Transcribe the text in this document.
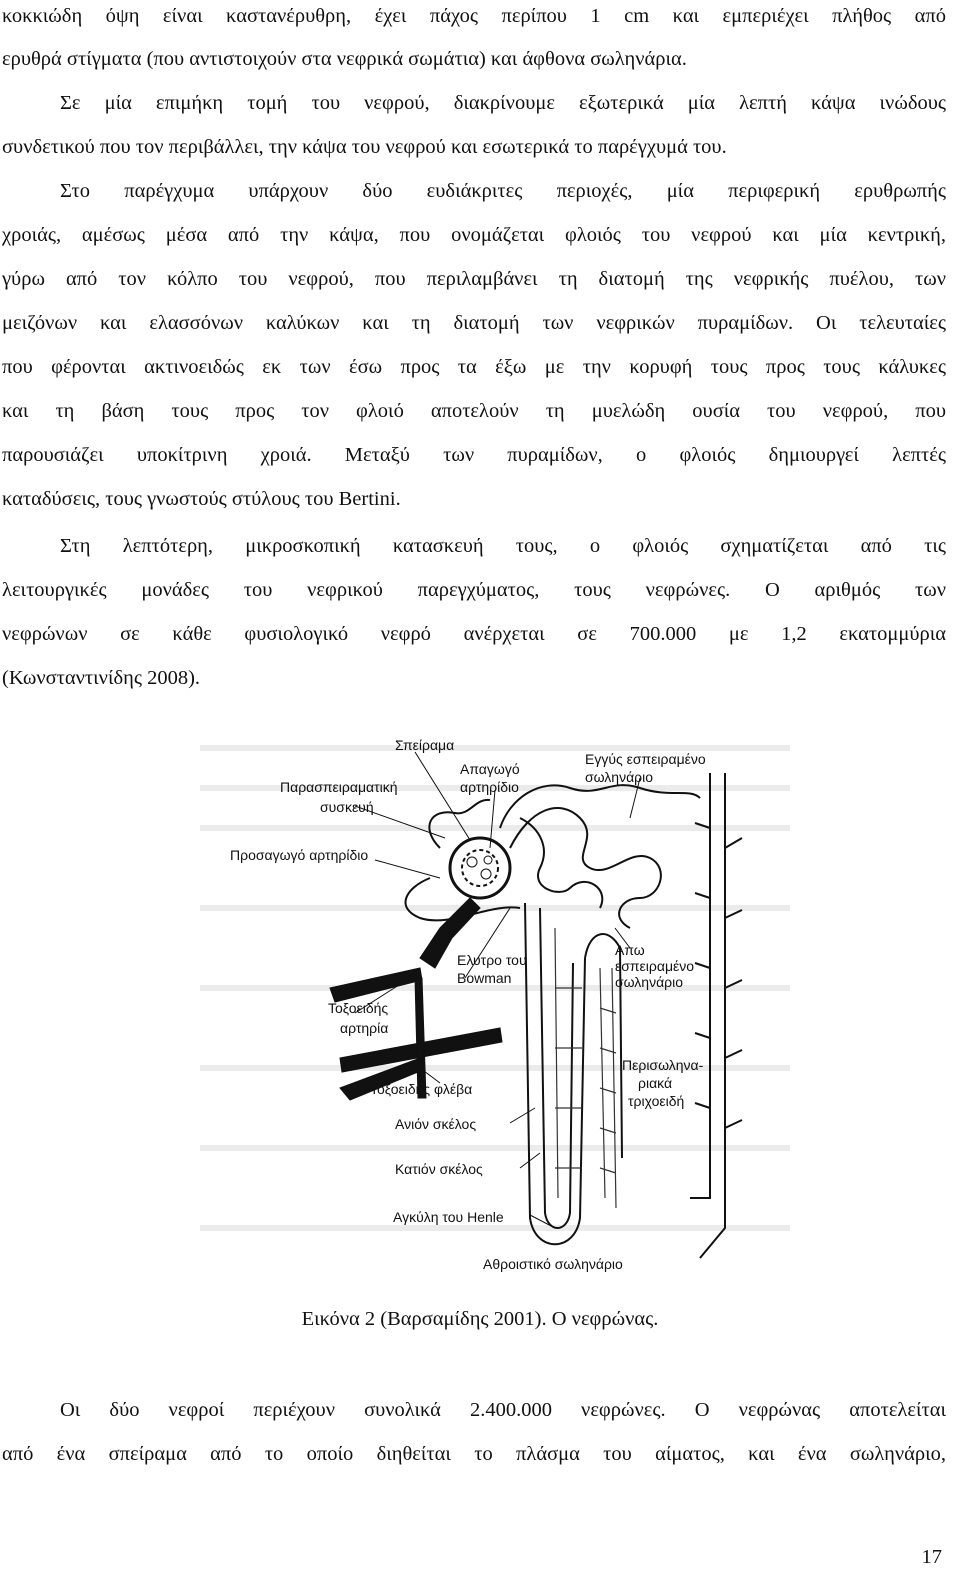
κοκκιώδη όψη είναι καστανέρυθρη, έχει πάχος περίπου 1 cm και εμπεριέχει πλήθος από
ερυθρά στίγματα (που αντιστοιχούν στα νεφρικά σωμάτια) και άφθονα σωληνάρια.
Σε μία επιμήκη τομή του νεφρού, διακρίνουμε εξωτερικά μία λεπτή κάψα ινώδους
συνδετικού που τον περιβάλλει, την κάψα του νεφρού και εσωτερικά το παρέγχυμά του.
Στο παρέγχυμα υπάρχουν δύο ευδιάκριτες περιοχές, μία περιφερική ερυθρωπής
χροιάς, αμέσως μέσα από την κάψα, που ονομάζεται φλοιός του νεφρού και μία κεντρική,
γύρω από τον κόλπο του νεφρού, που περιλαμβάνει τη διατομή της νεφρικής πυέλου, των
μειζόνων και ελασσόνων καλύκων και τη διατομή των νεφρικών πυραμίδων. Οι τελευταίες
που φέρονται ακτινοειδώς εκ των έσω προς τα έξω με την κορυφή τους προς τους κάλυκες
και τη βάση τους προς τον φλοιό αποτελούν τη μυελώδη ουσία του νεφρού, που
παρουσιάζει υποκίτρινη χροιά. Μεταξύ των πυραμίδων, ο φλοιός δημιουργεί λεπτές
καταδύσεις, τους γνωστούς στύλους του Bertini.
Στη λεπτότερη, μικροσκοπική κατασκευή τους, ο φλοιός σχηματίζεται από τις
λειτουργικές μονάδες του νεφρικού παρεγχύματος, τους νεφρώνες. Ο αριθμός των
νεφρώνων σε κάθε φυσιολογικό νεφρό ανέρχεται σε 700.000 με 1,2 εκατομμύρια
(Κωνσταντινίδης 2008).
Σπείραμα
Απαγωγό
αρτηρίδιο
Εγγύς εσπειραμένο
σωληνάριο
Παρασπειραματική
συσκευή
Προσαγωγό αρτηρίδιο
Απω
εσπειραμένο
σωληνάριο
Ελυτρο του
Bowman
Τοξοειδής
αρτηρία
Περισωληνα-
ριακά
τριχοειδή
Τοξοειδής φλέβα
Ανιόν σκέλος
Κατιόν σκέλος
Αγκύλη του Henle
Αθροιστικό σωληνάριο
Εικόνα 2 (Βαρσαμίδης 2001). Ο νεφρώνας.
Οι δύο νεφροί περιέχουν συνολικά 2.400.000 νεφρώνες. Ο νεφρώνας αποτελείται
από ένα σπείραμα από το οποίο διηθείται το πλάσμα του αίματος, και ένα σωληνάριο,
17
